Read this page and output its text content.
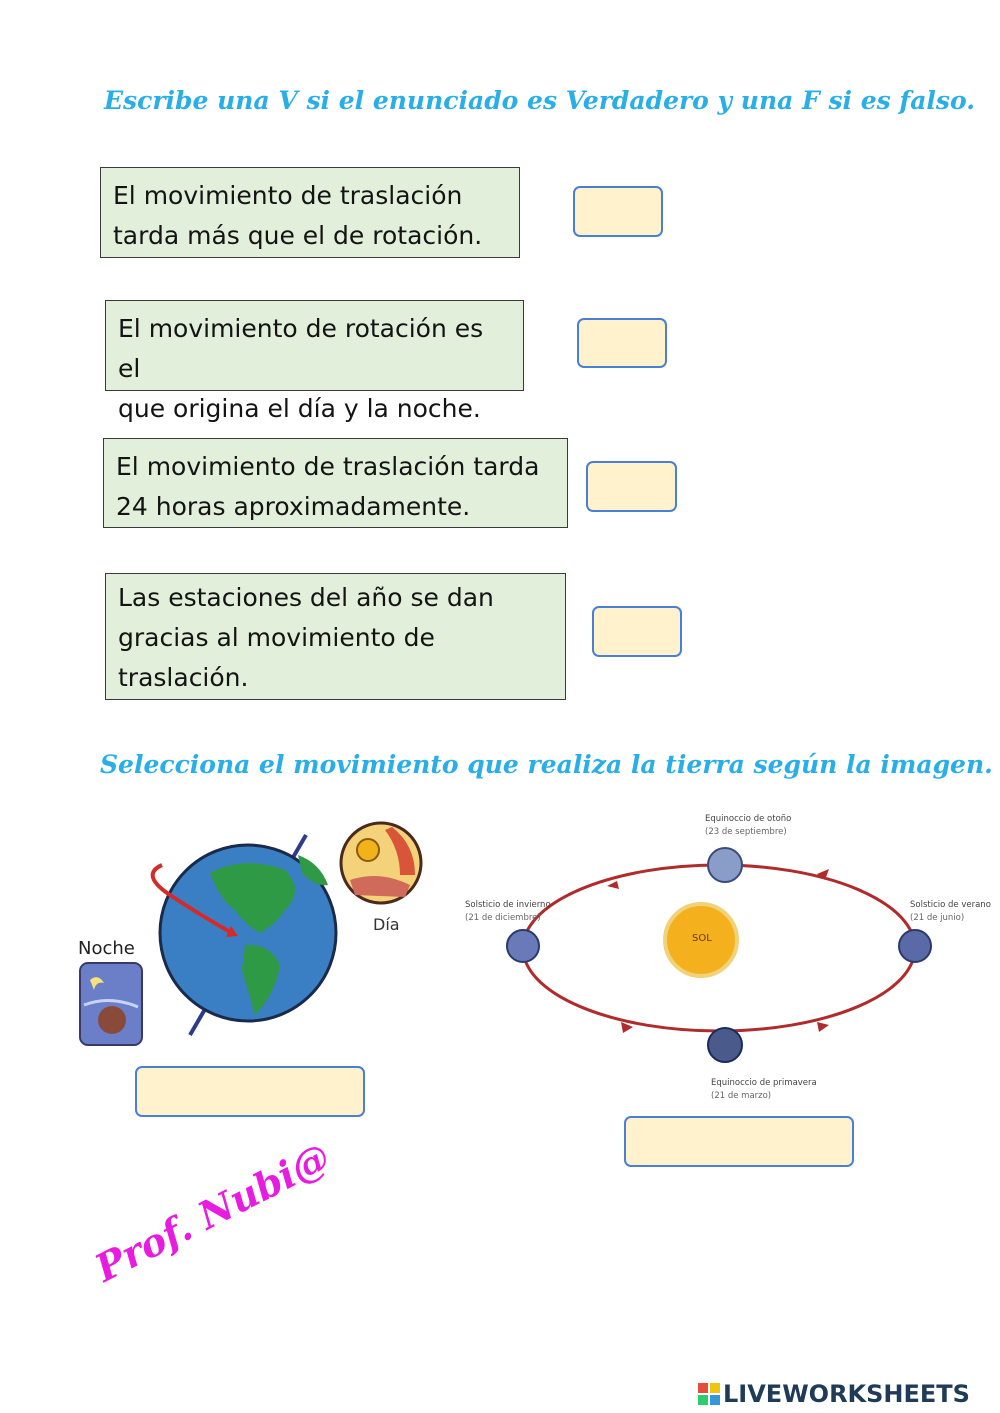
Escribe una V si el enunciado es Verdadero y una F si es falso.
El movimiento de traslación
tarda más que el de rotación.
El movimiento de rotación es el
que origina el día y la noche.
El movimiento de traslación tarda
24 horas aproximadamente.
Las estaciones del año se dan
gracias al movimiento de
traslación.
Selecciona el movimiento que realiza la tierra según la imagen.
Día
Noche	SOL
Equinoccio de otoño
(23 de septiembre)
Solsticio de verano
(21 de junio)
Solsticio de invierno
(21 de diciembre)
Equinoccio de primavera
(21 de marzo)
Prof. Nubi@
LIVEWORKSHEETS
